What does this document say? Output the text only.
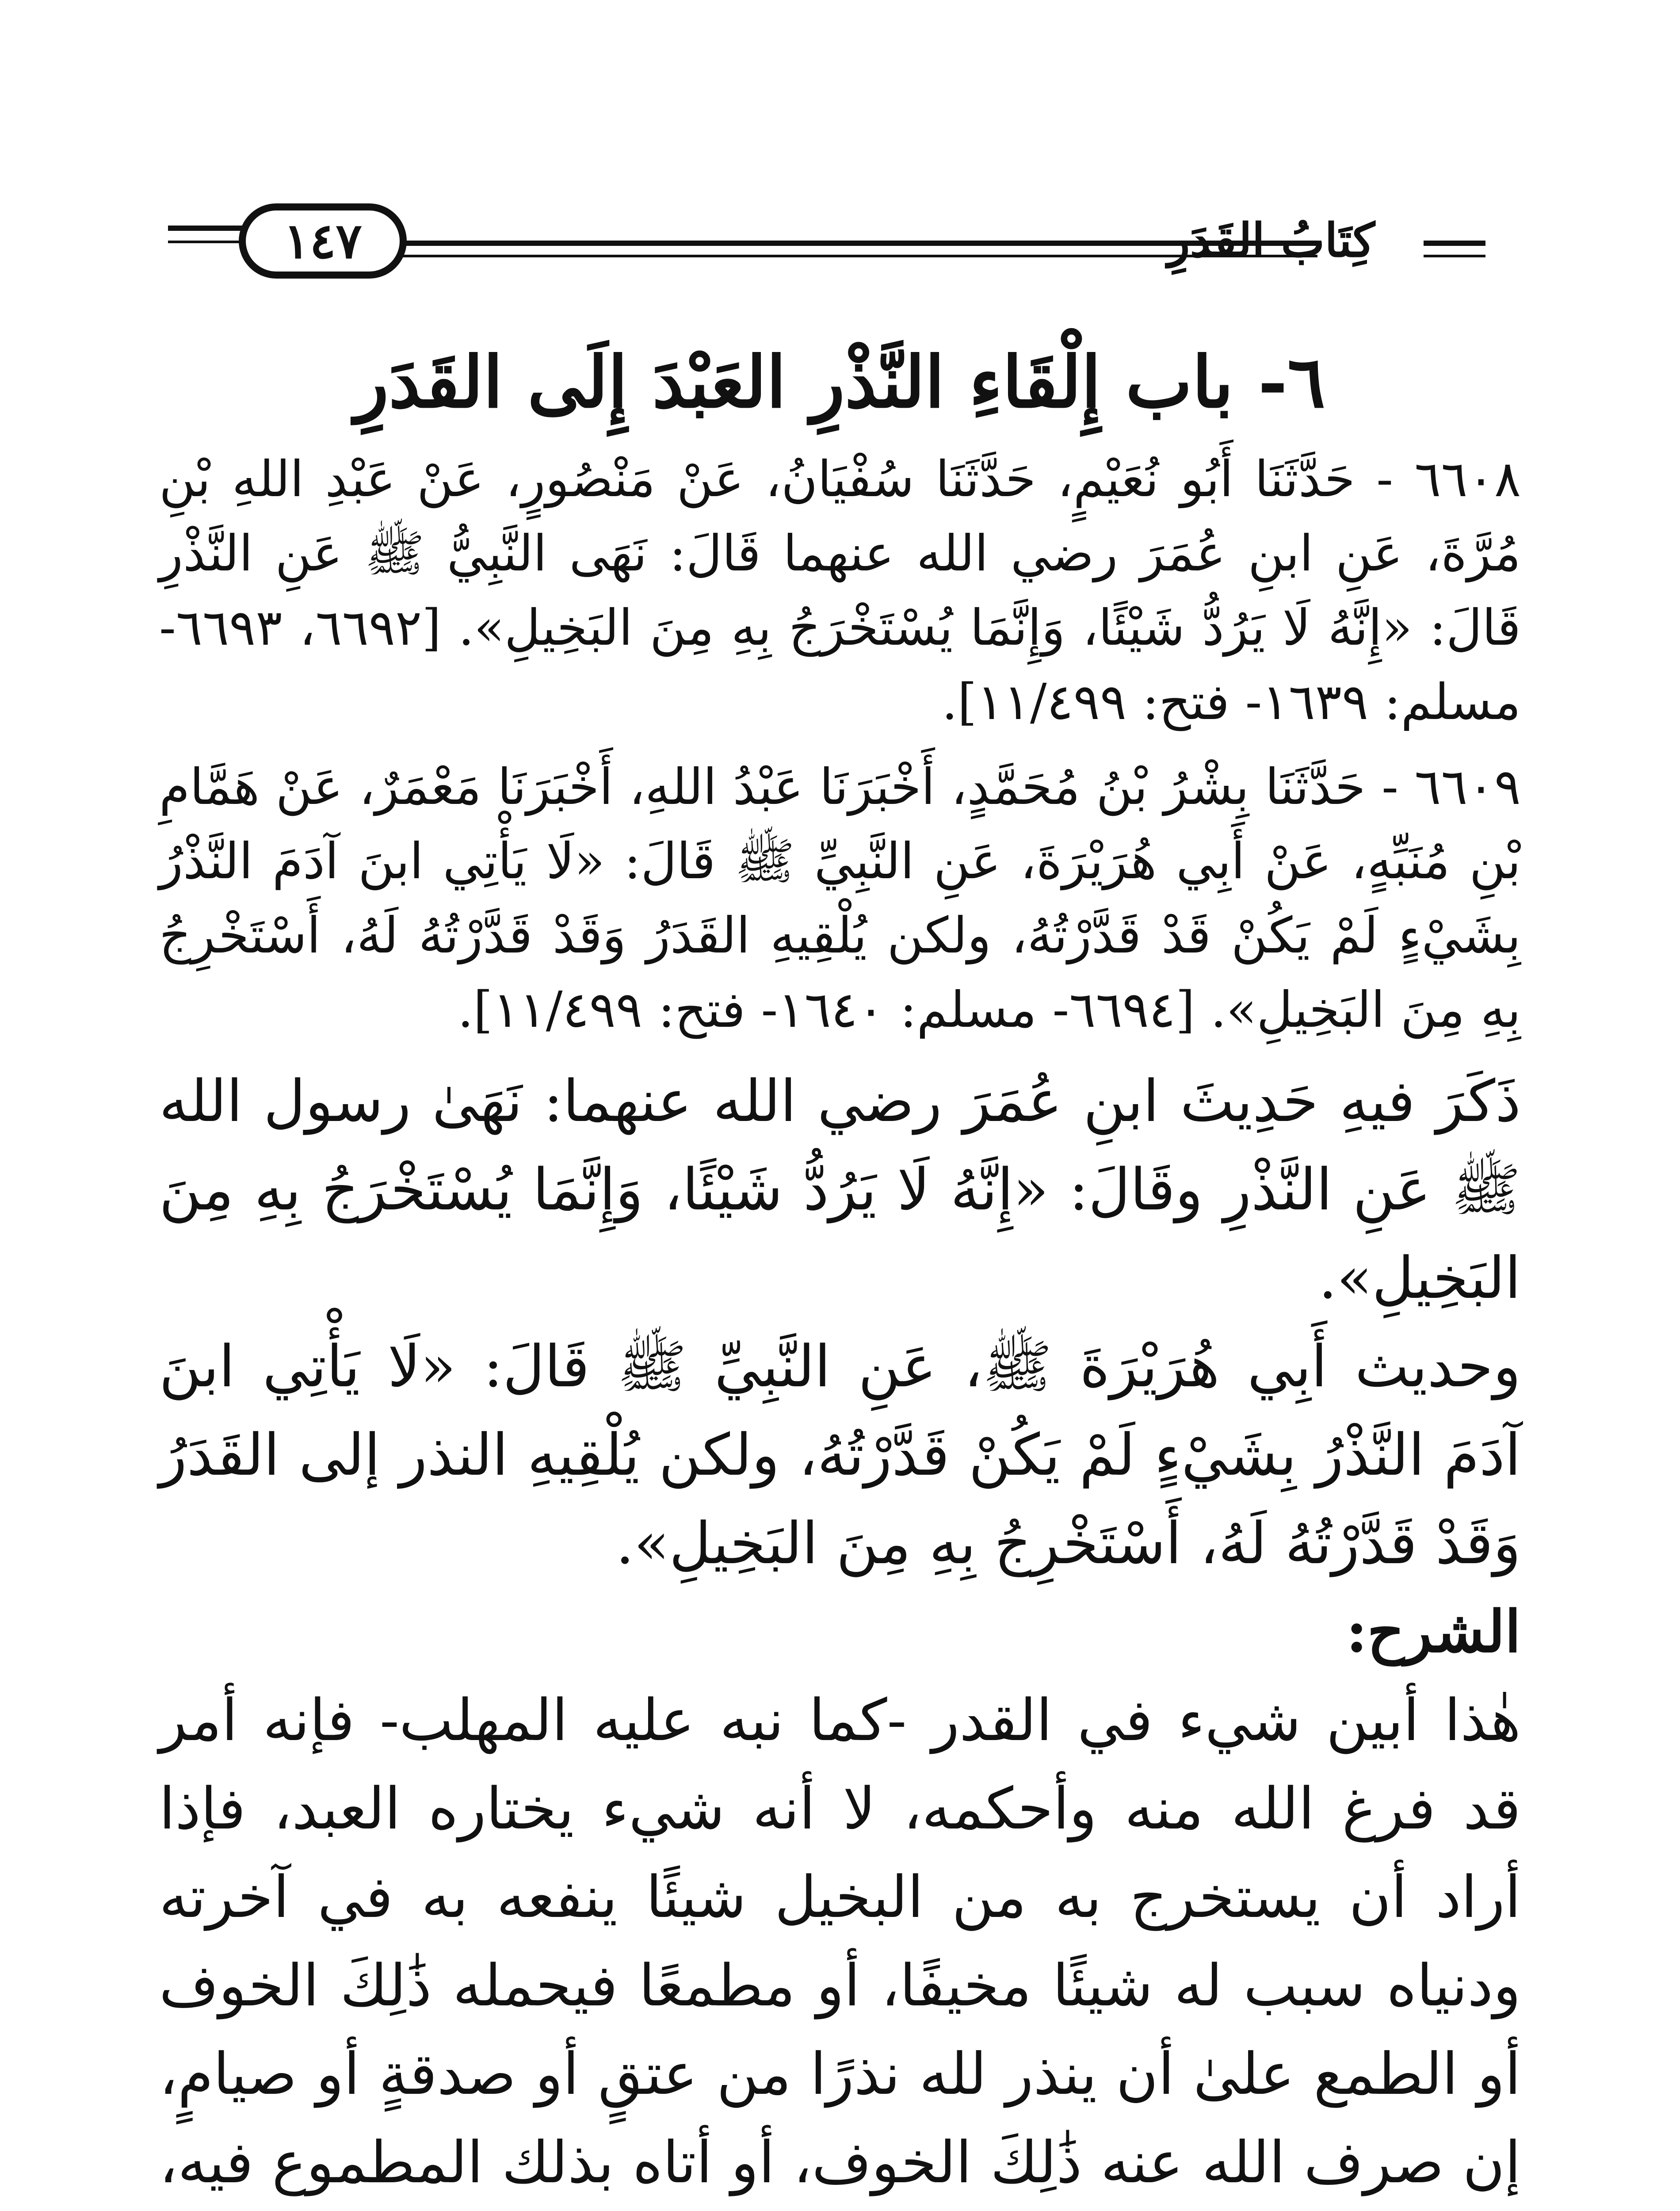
١٤٧	كِتَابُ القَدَرِ
٦- باب إِلْقَاءِ النَّذْرِ العَبْدَ إِلَى القَدَرِ
٦٦٠٨ - حَدَّثَنَا أَبُو نُعَيْمٍ، حَدَّثَنَا سُفْيَانُ، عَنْ مَنْصُورٍ، عَنْ عَبْدِ اللهِ بْنِ مُرَّةَ، عَنِ ابنِ عُمَرَ رضي الله عنهما قَالَ: نَهَى النَّبِيُّ ﷺ عَنِ النَّذْرِ قَالَ: «إِنَّهُ لَا يَرُدُّ شَيْئًا، وَإِنَّمَا يُسْتَخْرَجُ بِهِ مِنَ البَخِيلِ». [٦٦٩٢، ٦٦٩٣- مسلم: ١٦٣٩- فتح: ١١/٤٩٩].
٦٦٠٩ - حَدَّثَنَا بِشْرُ بْنُ مُحَمَّدٍ، أَخْبَرَنَا عَبْدُ اللهِ، أَخْبَرَنَا مَعْمَرٌ، عَنْ هَمَّامِ بْنِ مُنَبِّهٍ، عَنْ أَبِي هُرَيْرَةَ، عَنِ النَّبِيِّ ﷺ قَالَ: «لَا يَأْتِي ابنَ آدَمَ النَّذْرُ بِشَيْءٍ لَمْ يَكُنْ قَدْ قَدَّرْتُهُ، ولكن يُلْقِيهِ القَدَرُ وَقَدْ قَدَّرْتُهُ لَهُ، أَسْتَخْرِجُ بِهِ مِنَ البَخِيلِ». [٦٦٩٤- مسلم: ١٦٤٠- فتح: ١١/٤٩٩].
ذَكَرَ فيهِ حَدِيثَ ابنِ عُمَرَ رضي الله عنهما: نَهَىٰ رسول الله ﷺ عَنِ النَّذْرِ وقَالَ: «إِنَّهُ لَا يَرُدُّ شَيْئًا، وَإِنَّمَا يُسْتَخْرَجُ بِهِ مِنَ البَخِيلِ».
وحديث أَبِي هُرَيْرَةَ ﷺ، عَنِ النَّبِيِّ ﷺ قَالَ: «لَا يَأْتِي ابنَ آدَمَ النَّذْرُ بِشَيْءٍ لَمْ يَكُنْ قَدَّرْتُهُ، ولكن يُلْقِيهِ النذر إلى القَدَرُ وَقَدْ قَدَّرْتُهُ لَهُ، أَسْتَخْرِجُ بِهِ مِنَ البَخِيلِ».
الشرح:
هٰذا أبين شيء في القدر -كما نبه عليه المهلب- فإنه أمر قد فرغ الله منه وأحكمه، لا أنه شيء يختاره العبد، فإذا أراد أن يستخرج به من البخيل شيئًا ينفعه به في آخرته ودنياه سبب له شيئًا مخيفًا، أو مطمعًا فيحمله ذَٰلِكَ الخوف أو الطمع علىٰ أن ينذر لله نذرًا من عتقٍ أو صدقةٍ أو صيامٍ، إن صرف الله عنه ذَٰلِكَ الخوف، أو أتاه بذلك المطموع فيه،
